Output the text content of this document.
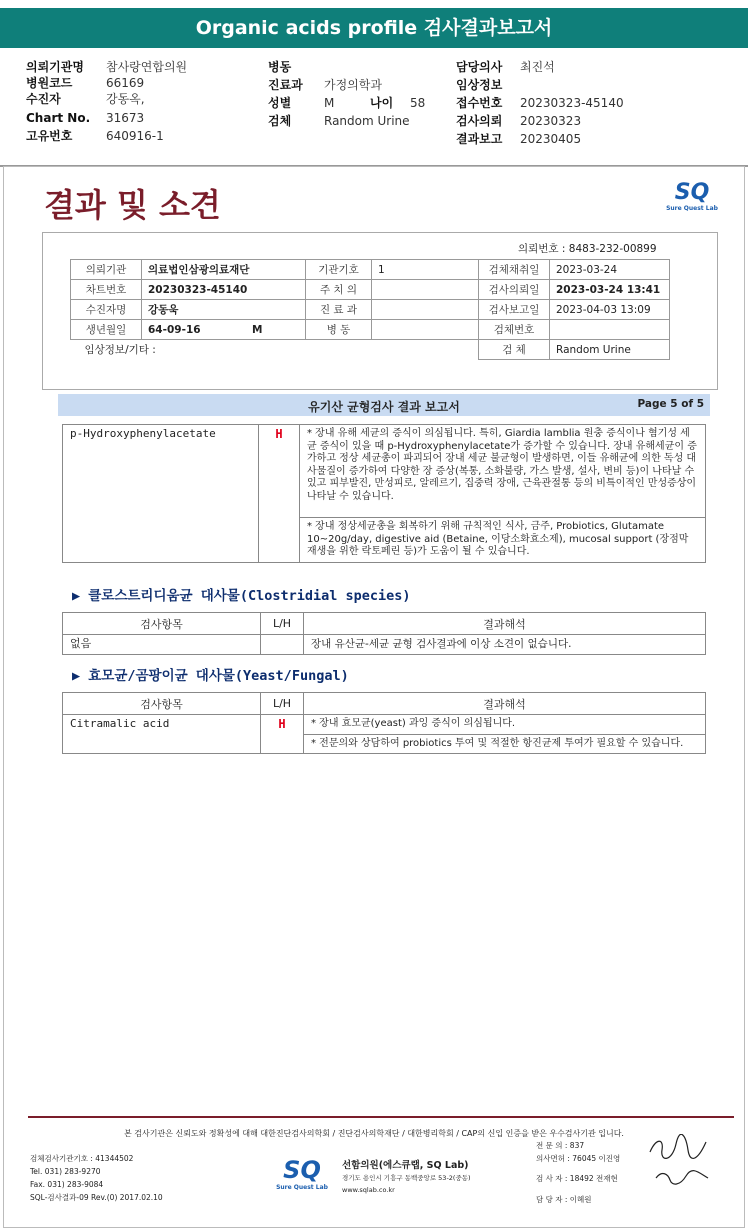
Organic acids profile 검사결과보고서
의뢰기관명 참사랑연합의원
병원코드	66169
수진자	강동옥,
Chart No. 31673
고유번호	640916-1
병동
진료과 가정의학과
성별	M	나이 58
검체	Random Urine
담당의사 최진석
임상정보
접수번호 20230323-45140
검사의뢰 20230323
결과보고 20230405
결과 및 소견	SQ
Sure Quest Lab
의뢰번호 : 8483-232-00899
의뢰기관	의료법인삼광의료재단	기관기호	1	검체채취일	2023-03-24
차트번호	20230323-45140	주 치 의		검사의뢰일	2023-03-24 13:41
수진자명	강동욱	진 료 과		검사보고일	2023-04-03 13:09
생년월일	64-09-16 M	병 동		검체번호	
임상정보/기타 :				검 체	Random Urine
유기산 균형검사 결과 보고서	Page 5 of 5
p-Hydroxyphenylacetate	H	* 장내 유해 세균의 증식이 의심됩니다. 특히, Giardia lamblia 원충 증식이나 혐기성 세균 증식이 있을 때 p-Hydroxyphenylacetate가 증가할 수 있습니다. 장내 유해세균이 증가하고 정상 세균총이 파괴되어 장내 세균 불균형이 발생하면, 이들 유해균에 의한 독성 대사물질이 증가하여 다양한 장 증상(복통, 소화불량, 가스 발생, 설사, 변비 등)이 나타날 수 있고 피부발진, 만성피로, 알레르기, 집중력 장애, 근육관절통 등의 비특이적인 만성증상이 나타날 수 있습니다.
* 장내 정상세균총을 회복하기 위해 규칙적인 식사, 금주, Probiotics, Glutamate 10~20g/day, digestive aid (Betaine, 이당소화효소제), mucosal support (장점막재생을 위한 락토페린 등)가 도움이 될 수 있습니다.
▶ 클로스트리디움균 대사물(Clostridial species)
검사항목	L/H	결과해석
없음		장내 유산균-세균 균형 검사결과에 이상 소견이 없습니다.
▶ 효모균/곰팡이균 대사물(Yeast/Fungal)
검사항목	L/H	결과해석
Citramalic acid	H	* 장내 효모균(yeast) 과잉 증식이 의심됩니다.
		* 전문의와 상담하여 probiotics 투여 및 적절한 항진균제 투여가 필요할 수 있습니다.
본 검사기관은 신뢰도와 정확성에 대해 대한진단검사의학회 / 진단검사의학재단 / 대한병리학회 / CAP의 신입 인증을 받은 우수검사기관 입니다.
검체검사기관기호 : 41344502
Tel. 031) 283-9270
Fax. 031) 283-9084
SQL-검사결과-09 Rev.(0) 2017.02.10
SQ
Sure Quest Lab
선함의원(에스큐랩, SQ Lab)
경기도 용인시 기흥구 동백중앙로 53-2(중동)
www.sqlab.co.kr
전 문 의 : 837
의사면허 : 76045 이진영
검 사 자 : 18492 전재현
담 당 자 : 이혜원
